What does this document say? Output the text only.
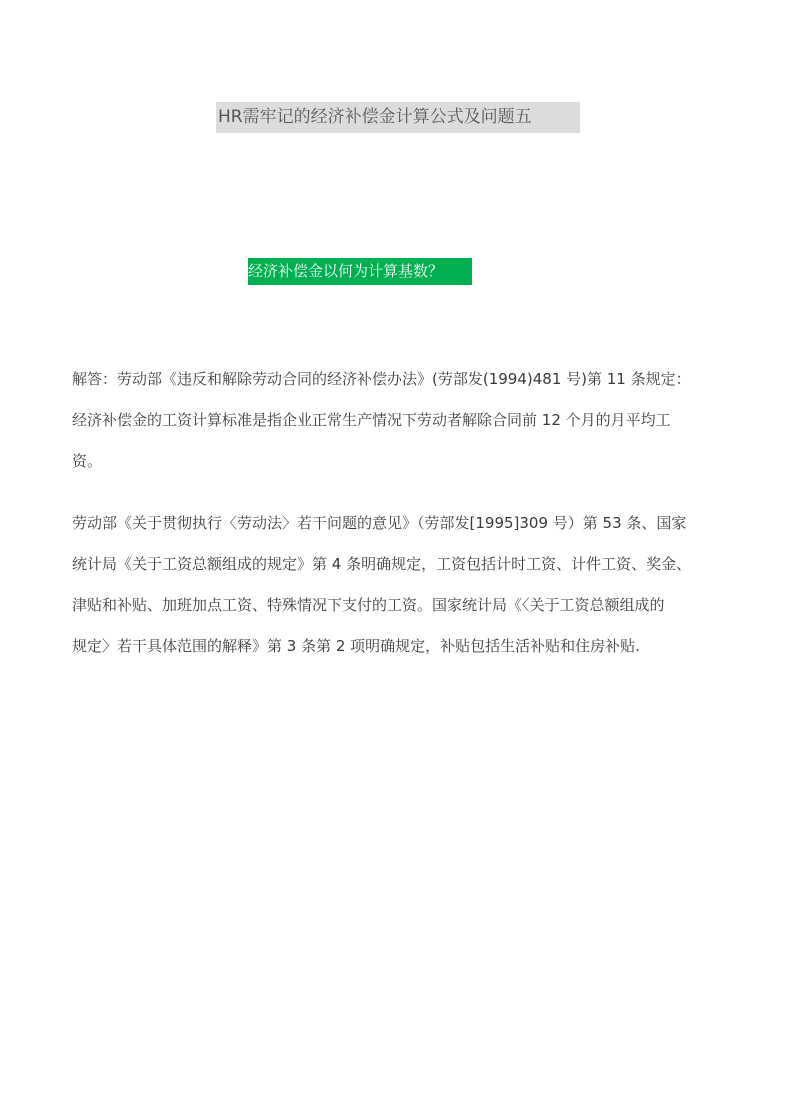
HR需牢记的经济补偿金计算公式及问题五
经济补偿金以何为计算基数？
解答：劳动部《违反和解除劳动合同的经济补偿办法》(劳部发(1994)481 号)第 11 条规定：
经济补偿金的工资计算标准是指企业正常生产情况下劳动者解除合同前 12 个月的月平均工
资。
劳动部《关于贯彻执行〈劳动法〉若干问题的意见》（劳部发[1995]309 号）第 53 条、国家
统计局《关于工资总额组成的规定》第 4 条明确规定，工资包括计时工资、计件工资、奖金、
津贴和补贴、加班加点工资、特殊情况下支付的工资。国家统计局《〈关于工资总额组成的
规定〉若干具体范围的解释》第 3 条第 2 项明确规定，补贴包括生活补贴和住房补贴.
